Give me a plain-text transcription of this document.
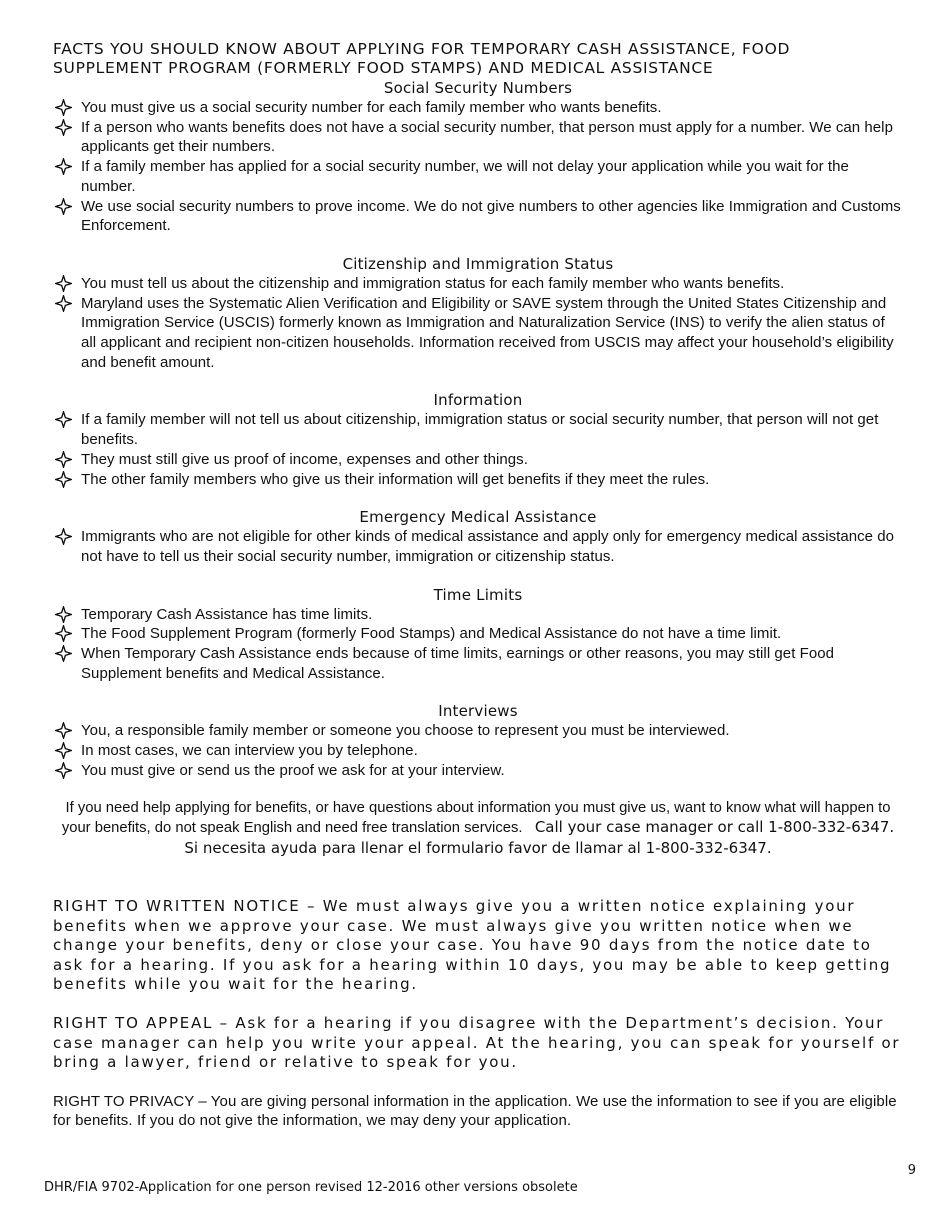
FACTS YOU SHOULD KNOW ABOUT APPLYING FOR TEMPORARY CASH ASSISTANCE, FOOD SUPPLEMENT PROGRAM (FORMERLY FOOD STAMPS) AND MEDICAL ASSISTANCE
Social Security Numbers
You must give us a social security number for each family member who wants benefits.
If a person who wants benefits does not have a social security number, that person must apply for a number. We can help applicants get their numbers.
If a family member has applied for a social security number, we will not delay your application while you wait for the number.
We use social security numbers to prove income. We do not give numbers to other agencies like Immigration and Customs Enforcement.
Citizenship and Immigration Status
You must tell us about the citizenship and immigration status for each family member who wants benefits.
Maryland uses the Systematic Alien Verification and Eligibility or SAVE system through the United States Citizenship and Immigration Service (USCIS) formerly known as Immigration and Naturalization Service (INS) to verify the alien status of all applicant and recipient non-citizen households. Information received from USCIS may affect your household’s eligibility and benefit amount.
Information
If a family member will not tell us about citizenship, immigration status or social security number, that person will not get benefits.
They must still give us proof of income, expenses and other things.
The other family members who give us their information will get benefits if they meet the rules.
Emergency Medical Assistance
Immigrants who are not eligible for other kinds of medical assistance and apply only for emergency medical assistance do not have to tell us their social security number, immigration or citizenship status.
Time Limits
Temporary Cash Assistance has time limits.
The Food Supplement Program (formerly Food Stamps) and Medical Assistance do not have a time limit.
When Temporary Cash Assistance ends because of time limits, earnings or other reasons, you may still get Food Supplement benefits and Medical Assistance.
Interviews
You, a responsible family member or someone you choose to represent you must be interviewed.
In most cases, we can interview you by telephone.
You must give or send us the proof we ask for at your interview.

If you need help applying for benefits, or have questions about information you must give us, want to know what will happen to your benefits, do not speak English and need free translation services. Call your case manager or call 1-800-332-6347. Si necesita ayuda para llenar el formulario favor de llamar al 1-800-332-6347.

RIGHT TO WRITTEN NOTICE – We must always give you a written notice explaining your benefits when we approve your case. We must always give you written notice when we change your benefits, deny or close your case. You have 90 days from the notice date to ask for a hearing. If you ask for a hearing within 10 days, you may be able to keep getting benefits while you wait for the hearing.

RIGHT TO APPEAL – Ask for a hearing if you disagree with the Department’s decision. Your case manager can help you write your appeal. At the hearing, you can speak for yourself or bring a lawyer, friend or relative to speak for you.

RIGHT TO PRIVACY – You are giving personal information in the application. We use the information to see if you are eligible for benefits. If you do not give the information, we may deny your application.

9
DHR/FIA 9702-Application for one person revised 12-2016 other versions obsolete
